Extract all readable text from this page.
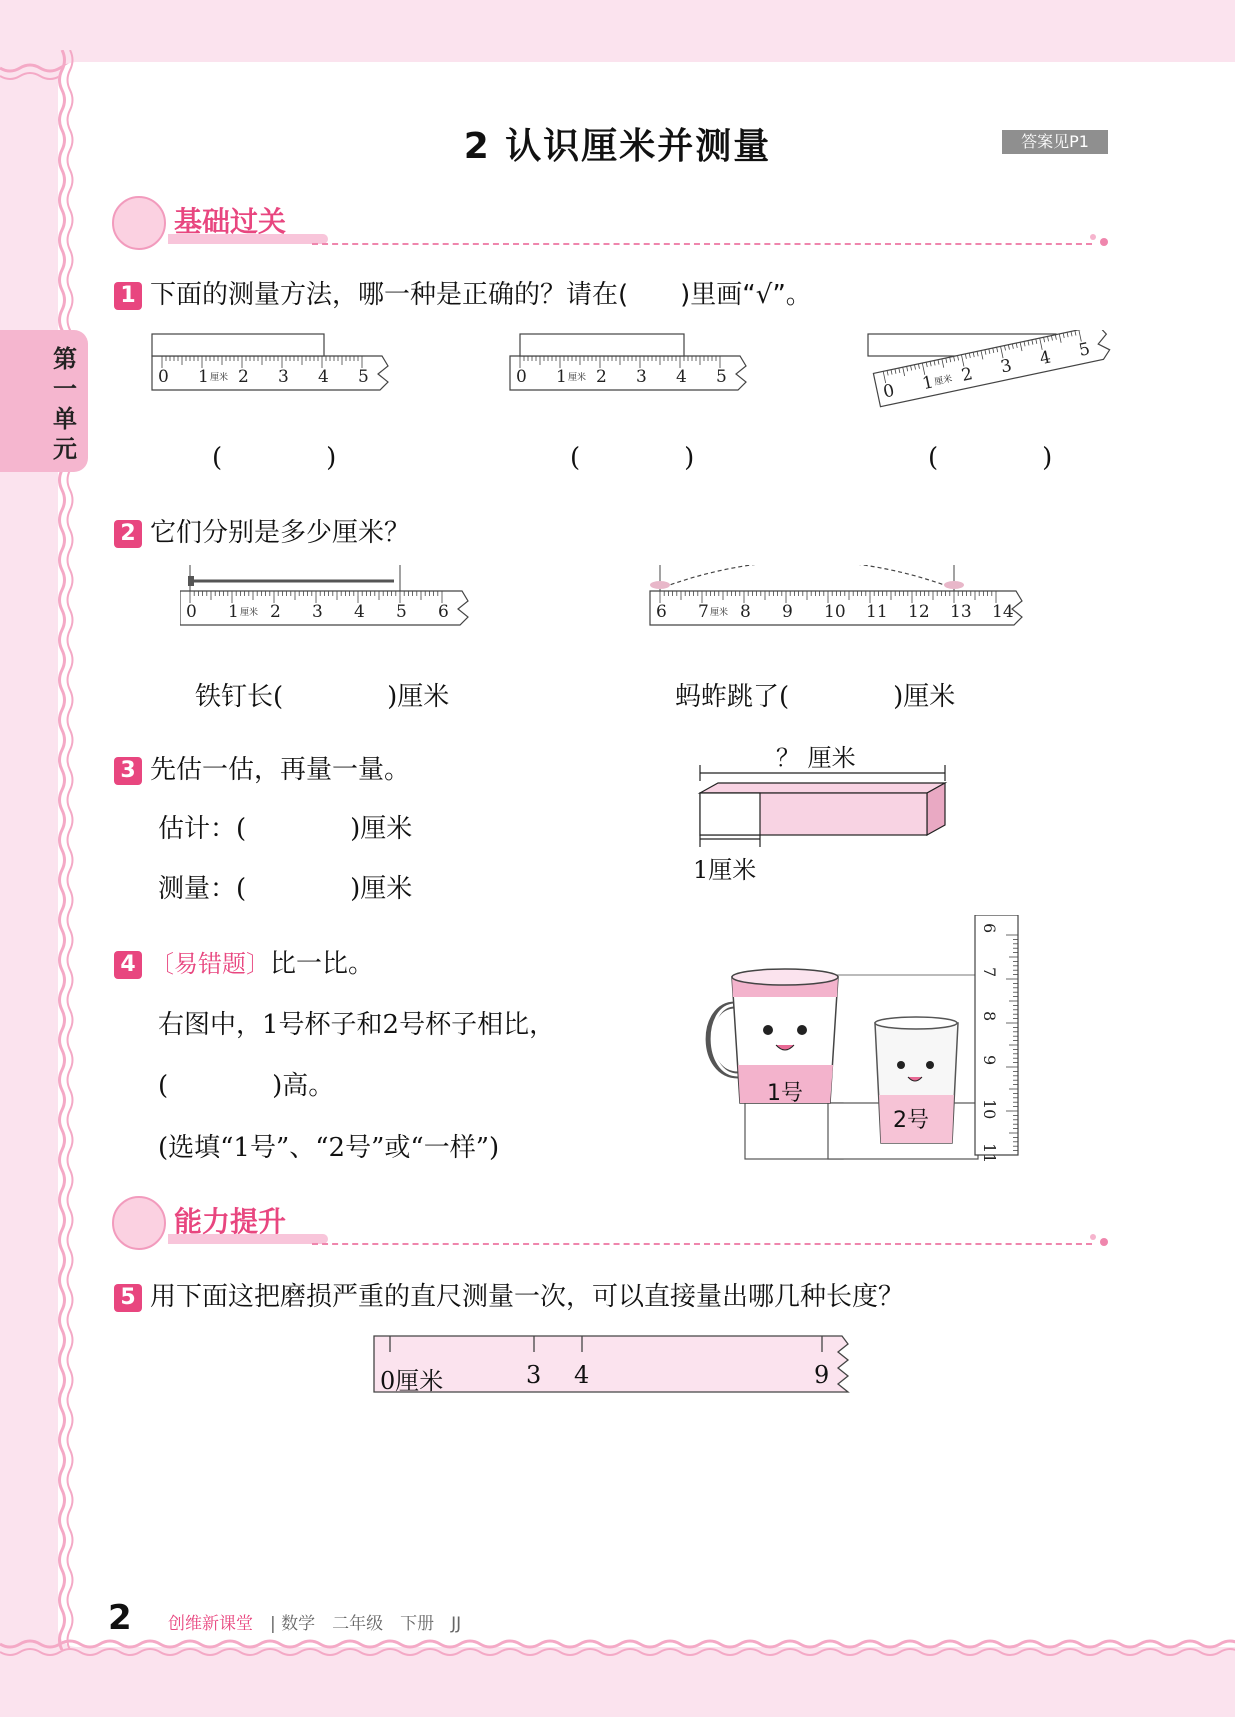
第一单元
2 认识厘米并测量	答案见P1
基础过关
1 下面的测量方法，哪一种是正确的？请在(　　)里画“√”。
0 1 2 3 4 5
厘米	0 1 2 3 4 5
厘米
0 1 2 3 4 5
厘米
(　　　　)	(　　　　)	(　　　　)
2 它们分别是多少厘米？
0 1 2 3 4 5 6
厘米	6 7 8 9 10 11 12 13 14
厘米
铁钉长(　　　　)厘米	蚂蚱跳了(　　　　)厘米
3 先估一估，再量一量。
估计：(　　　　)厘米
测量：(　　　　)厘米
？ 厘米
1厘米
4 〔易错题〕比一比。
右图中，1号杯子和2号杯子相比，
(　　　　)高。
(选填“1号”、“2号”或“一样”)
6
7
8
9
10
11
1号
2号
能力提升
5 用下面这把磨损严重的直尺测量一次，可以直接量出哪几种长度？
0厘米	3 4	9
2 创维新课堂 | 数学　二年级　下册　JJ
